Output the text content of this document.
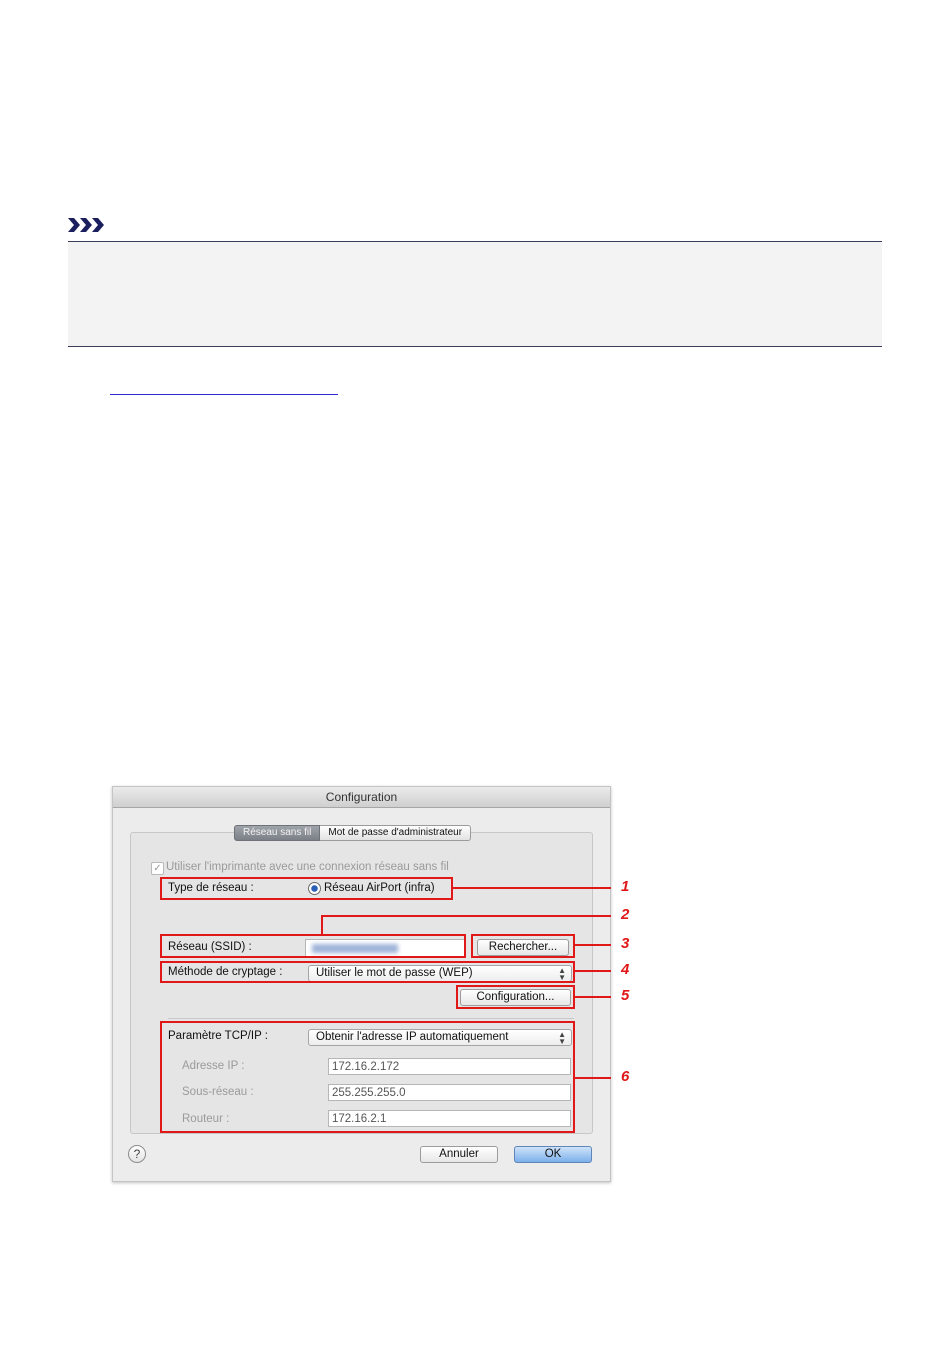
Configuration
Réseau sans fil	Mot de passe d'administrateur
✓ Utiliser l'imprimante avec une connexion réseau sans fil
Type de réseau :	Réseau AirPort (infra)
Réseau (SSID) :	Rechercher...
Méthode de cryptage :	Utiliser le mot de passe (WEP)	▲
▼
Configuration...
Paramètre TCP/IP :	Obtenir l'adresse IP automatiquement	▲
▼
Adresse IP :	172.16.2.172
Sous-réseau :	255.255.255.0
Routeur :	172.16.2.1
?	Annuler	OK
1
2
3
4
5
6
